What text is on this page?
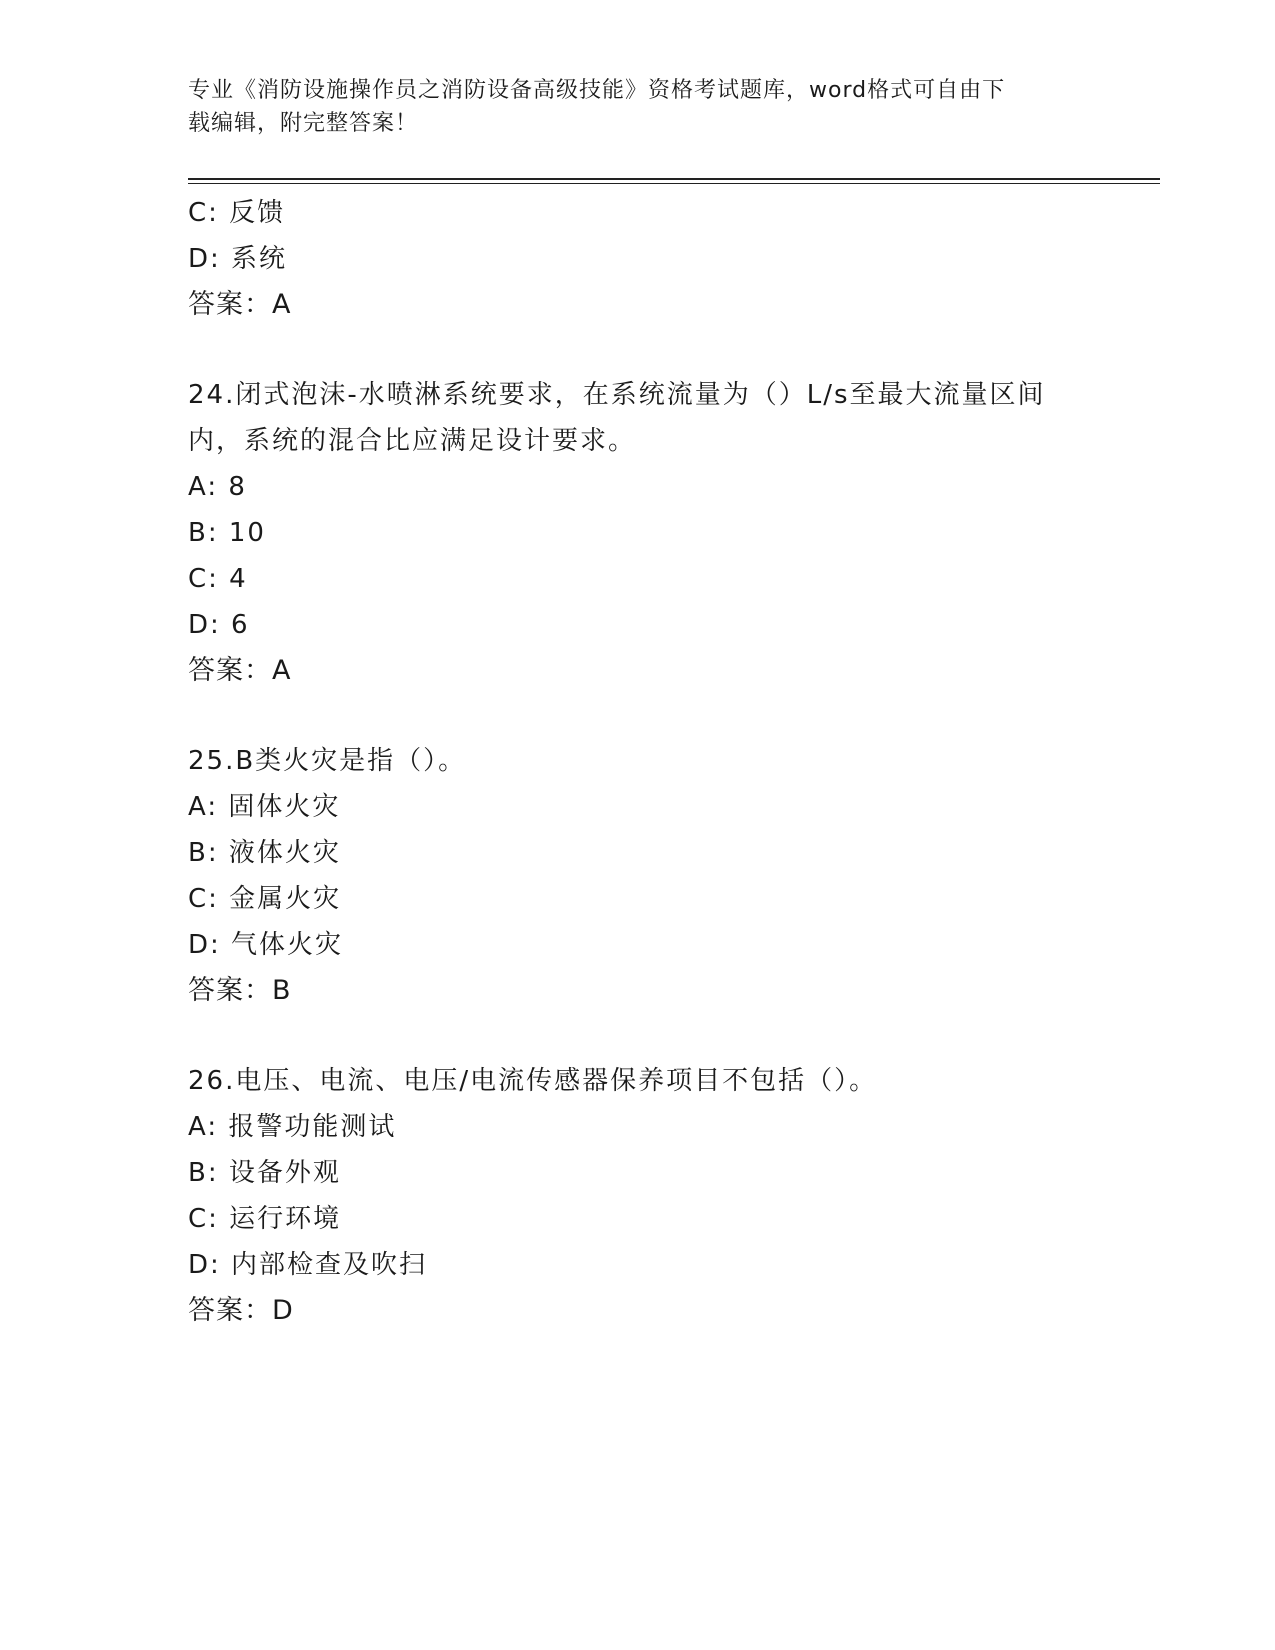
专业《消防设施操作员之消防设备高级技能》资格考试题库，word格式可自由下
载编辑，附完整答案！
C: 反馈
D: 系统
答案：A
24.闭式泡沫-水喷淋系统要求，在系统流量为（）L/s至最大流量区间
内，系统的混合比应满足设计要求。
A: 8
B: 10
C: 4
D: 6
答案：A
25.B类火灾是指（）。
A: 固体火灾
B: 液体火灾
C: 金属火灾
D: 气体火灾
答案：B
26.电压、电流、电压/电流传感器保养项目不包括（）。
A: 报警功能测试
B: 设备外观
C: 运行环境
D: 内部检查及吹扫
答案：D
